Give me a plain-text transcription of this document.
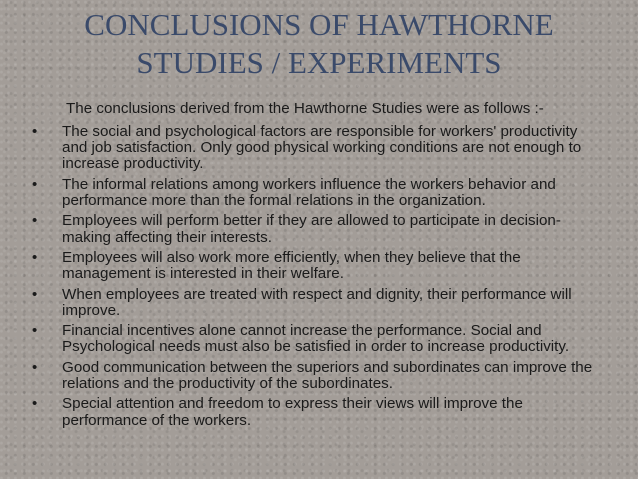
CONCLUSIONS OF HAWTHORNE
STUDIES / EXPERIMENTS
The conclusions derived from the Hawthorne Studies were as follows :-
•	The social and psychological factors are responsible for workers' productivity and job satisfaction. Only good physical working conditions are not enough to increase productivity.
•	The informal relations among workers influence the workers behavior and performance more than the formal relations in the organization.
•	Employees will perform better if they are allowed to participate in decision-making affecting their interests.
•	Employees will also work more efficiently, when they believe that the management is interested in their welfare.
•	When employees are treated with respect and dignity, their performance will improve.
•	Financial incentives alone cannot increase the performance. Social and Psychological needs must also be satisfied in order to increase productivity.
•	Good communication between the superiors and subordinates can improve the relations and the productivity of the subordinates.
•	Special attention and freedom to express their views will improve the performance of the workers.
